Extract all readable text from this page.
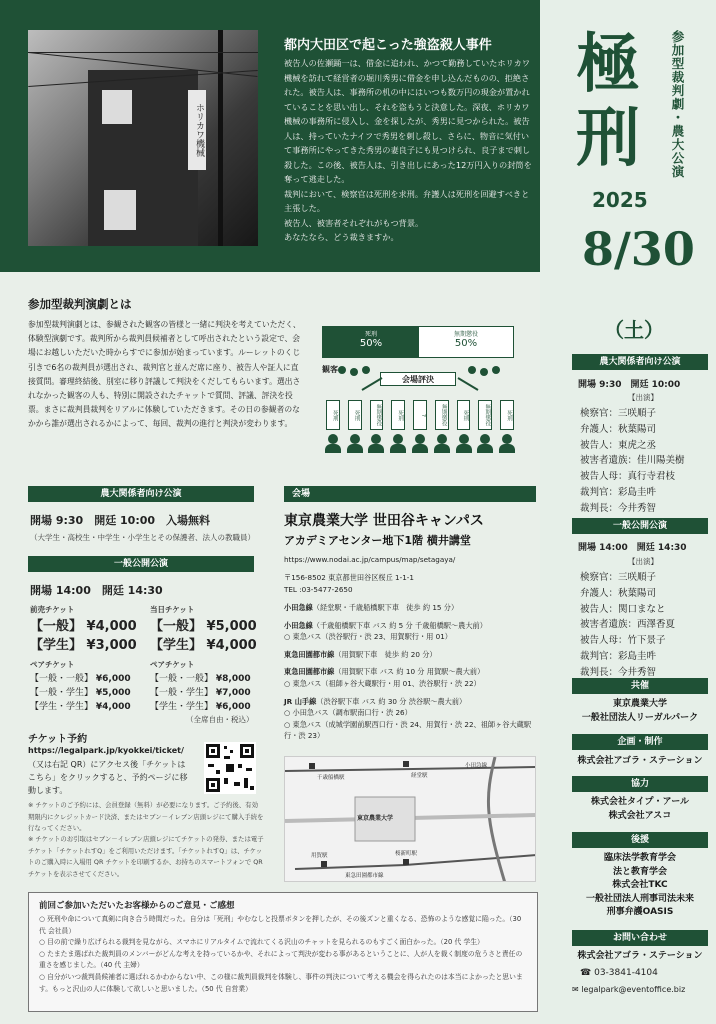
ホリカワ機械
都内大田区で起こった強盗殺人事件
被告人の佐瀬踊一は、借金に追われ、かつて勤務していたホリカワ機械を訪れて経営者の堀川秀男に借金を申し込んだものの、拒絶された。被告人は、事務所の机の中にはいつも数万円の現金が置かれていることを思い出し、それを盗もうと決意した。深夜、ホリカワ機械の事務所に侵入し、金を探したが、秀男に見つかられた。被告人は、持っていたナイフで秀男を刺し殺し、さらに、物音に気付いて事務所にやってきた秀男の妻良子にも見つけられ、良子まで刺し殺した。この後、被告人は、引き出しにあった12万円入りの封筒を奪って逃走した。
裁判において、検察官は死刑を求刑。弁護人は死刑を回避すべきと主張した。
被告人、被害者それぞれがもつ背景。
あなたなら、どう裁きますか。
極刑	参加型裁判劇・農大公演
2025
8/30
（土）
農大関係者向け公演
開場 9:30　開廷 10:00
【出演】
検察官：三咲順子
弁護人：秋葉陽司
被告人：東虎之丞
被害者遺族：佳川陽美樹
被告人母：真行寺君枝
裁判官：彩島圭吽
裁判長：今井秀智
一般公開公演
開場 14:00　開廷 14:30
【出演】
検察官：三咲順子
弁護人：秋葉陽司
被告人：関口まなと
被害者遺族：西澤香夏
被告人母：竹下景子
裁判官：彩島圭吽
裁判長：今井秀智
共催
東京農業大学
一般社団法人リーガルパーク
企画・制作
株式会社アゴラ・ステーション
協力
株式会社タイプ・アール
株式会社アスコ
後援
臨床法学教育学会
法と教育学会
株式会社TKC
一般社団法人刑事司法未来
刑事弁護OASIS
お問い合わせ
株式会社アゴラ・ステーション
☎ 03-3841-4104
✉ legalpark@eventoffice.biz
参加型裁判演劇とは
参加型裁判演劇とは、参観された観客の皆様と一緒に判決を考えていただく、体験型演劇です。裁判所から裁判員候補者として呼出されたという設定で、会場にお越しいただいた時からすでに参加が始まっています。ルーレットのくじ引きで6名の裁判員が選出され、裁判官と並んだ席に座り、被告人や証人に直接質問。審理終結後、別室に移り評議して判決をくだしてもらいます。選出されなかった観客の人も、特別に開設されたチャットで質問、評議、評決を投票。まさに裁判員裁判をリアルに体験していただきます。その日の参観者のなかから誰が選出されるかによって、毎回、裁判の進行と判決が変わります。
死刑
50%
無期懲役
50%
観客
会場評決
死刑	死刑	無期懲役	死刑	?	無期懲役	死刑	無期懲役	死刑
農大関係者向け公演
開場 9:30　開廷 10:00　入場無料
（大学生・高校生・中学生・小学生とその保護者、法人の教職員）
一般公開公演
開場 14:00　開廷 14:30
前売チケット
【一般】 ¥4,000
【学生】 ¥3,000
当日チケット
【一般】 ¥5,000
【学生】 ¥4,000
ペアチケット
【一般・一般】 ¥6,000
【一般・学生】 ¥5,000
【学生・学生】 ¥4,000
ペアチケット
【一般・一般】 ¥8,000
【一般・学生】 ¥7,000
【学生・学生】 ¥6,000
（全席自由・税込）
チケット予約
https://legalpark.jp/kyokkei/ticket/
（又は右記 QR）にアクセス後「チケットはこちら」をクリックすると、予約ページに移動します。
※ チケットのご予約には、会員登録（無料）が必要になります。ご予約後、有効期限内にクレジットカード決済、またはセブン－イレブン店頭レジにて購入手続を行なってください。
※ チケットのお引取はセブン－イレブン店頭レジにてチケットの発券、または電子チケット「チケットれすQ」をご利用いただけます。「チケットれすQ」は、チケットのご購入時に入場用 QR チケットを印刷するか、お持ちのスマートフォンで QR チケットを表示させてください。
会場
東京農業大学 世田谷キャンパス
アカデミアセンター地下1階 横井講堂
https://www.nodai.ac.jp/campus/map/setagaya/
〒156-8502 東京都世田谷区桜丘 1-1-1
TEL :03-5477-2650
小田急線（経堂駅・千歳船橋駅下車　徒歩 約 15 分）
小田急線（千歳船橋駅下車 バス 約 5 分 千歳船橋駅～農大前）
○ 東急バス（渋谷駅行・渋 23、用賀駅行・用 01）
東急田園都市線（用賀駅下車　徒歩 約 20 分）
東急田園都市線（用賀駅下車 バス 約 10 分 用賀駅～農大前）
○ 東急バス（祖師ヶ谷大蔵駅行・用 01、渋谷駅行・渋 22）
JR 山手線（渋谷駅下車 バス 約 30 分 渋谷駅～農大前）
○ 小田急バス（調布駅南口行・渋 26）
○ 東急バス（成城学園前駅西口行・渋 24、用賀行・渋 22、祖師ヶ谷大蔵駅行・渋 23）
千歳船橋駅	経堂駅
小田急線
東京農業大学
用賀駅	桜新町駅
東急田園都市線
前回ご参加いただいたお客様からのご意見・ご感想
○ 死刑や命について真剣に向き合う時間だった。自分は「死刑」やむなしと投票ボタンを押したが、その後ズンと重くなる、恐怖のような感覚に陥った。（30 代 会社員）
○ 目の前で繰り広げられる裁判を見ながら、スマホにリアルタイムで流れてくる沢山のチャットを見られるのもすごく面白かった。（20 代 学生）
○ たまたま選ばれた裁判員のメンバーがどんな考えを持っているかや、それによって判決が変わる事があるということに、人が人を裁く制度の危うさと責任の重さを感じました。（40 代 主婦）
○ 自分がいつ裁判員候補者に選ばれるかわからない中、この様に裁判員裁判を体験し、事件の判決について考える機会を得られたのは本当によかったと思います。もっと沢山の人に体験して欲しいと思いました。（50 代 自営業）
